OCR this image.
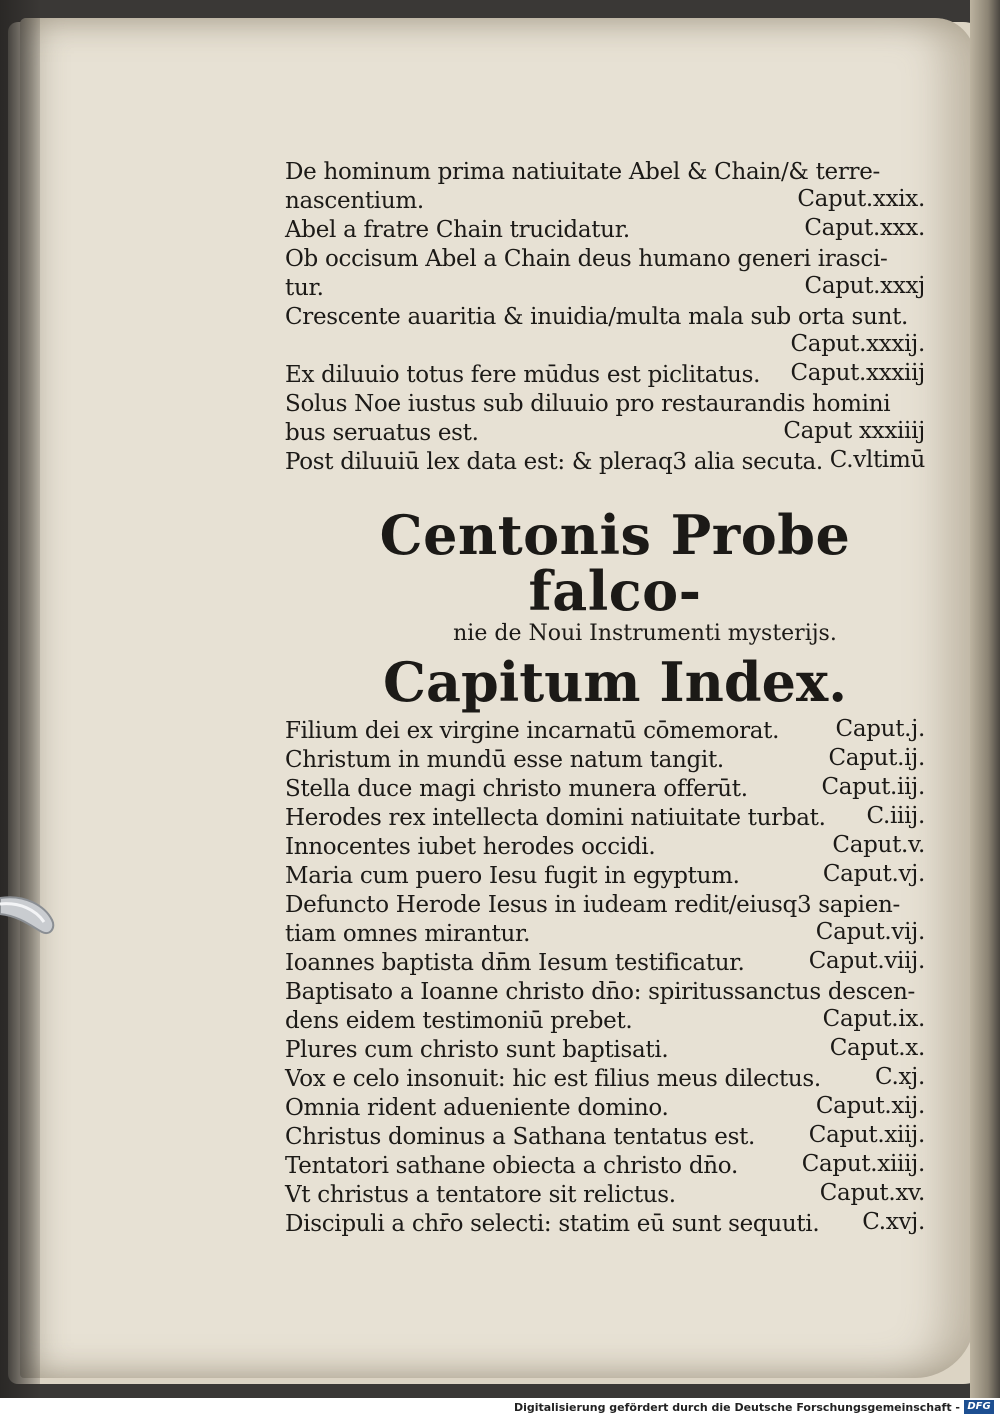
De hominum prima natiuitate Abel & Chain/& terre-
nascentium.	Caput.xxix.
Abel a fratre Chain trucidatur.	Caput.xxx.
Ob occisum Abel a Chain deus humano generi irasci-
tur.	Caput.xxxj
Crescente auaritia & inuidia/multa mala sub orta sunt.
Caput.xxxij.
Ex diluuio totus fere mūdus est piclitatus. Caput.xxxiij
Solus Noe iustus sub diluuio pro restaurandis homini
bus seruatus est.	Caput xxxiiij
Post diluuiū lex data est: & pleraq3 alia secuta. C.vltimū
Centonis Probe falco-
nie de Noui Instrumenti mysterijs.
Capitum Index.
Filium dei ex virgine incarnatū cōmemorat. Caput.j.
Christum in mundū esse natum tangit.	Caput.ij.
Stella duce magi christo munera offerūt.	Caput.iij.
Herodes rex intellecta domini natiuitate turbat. C.iiij.
Innocentes iubet herodes occidi.	Caput.v.
Maria cum puero Iesu fugit in egyptum.	Caput.vj.
Defuncto Herode Iesus in iudeam redit/eiusq3 sapien-
tiam omnes mirantur.	Caput.vij.
Ioannes baptista dn̄m Iesum testificatur.	Caput.viij.
Baptisato a Ioanne christo dn̄o: spiritussanctus descen-
dens eidem testimoniū prebet.	Caput.ix.
Plures cum christo sunt baptisati.	Caput.x.
Vox e celo insonuit: hic est filius meus dilectus. C.xj.
Omnia rident adueniente domino.	Caput.xij.
Christus dominus a Sathana tentatus est. Caput.xiij.
Tentatori sathane obiecta a christo dn̄o.	Caput.xiiij.
Vt christus a tentatore sit relictus.	Caput.xv.
Discipuli a chr̄o selecti: statim eū sunt sequuti. C.xvj.
Digitalisierung gefördert durch die Deutsche Forschungsgemeinschaft - DFG
